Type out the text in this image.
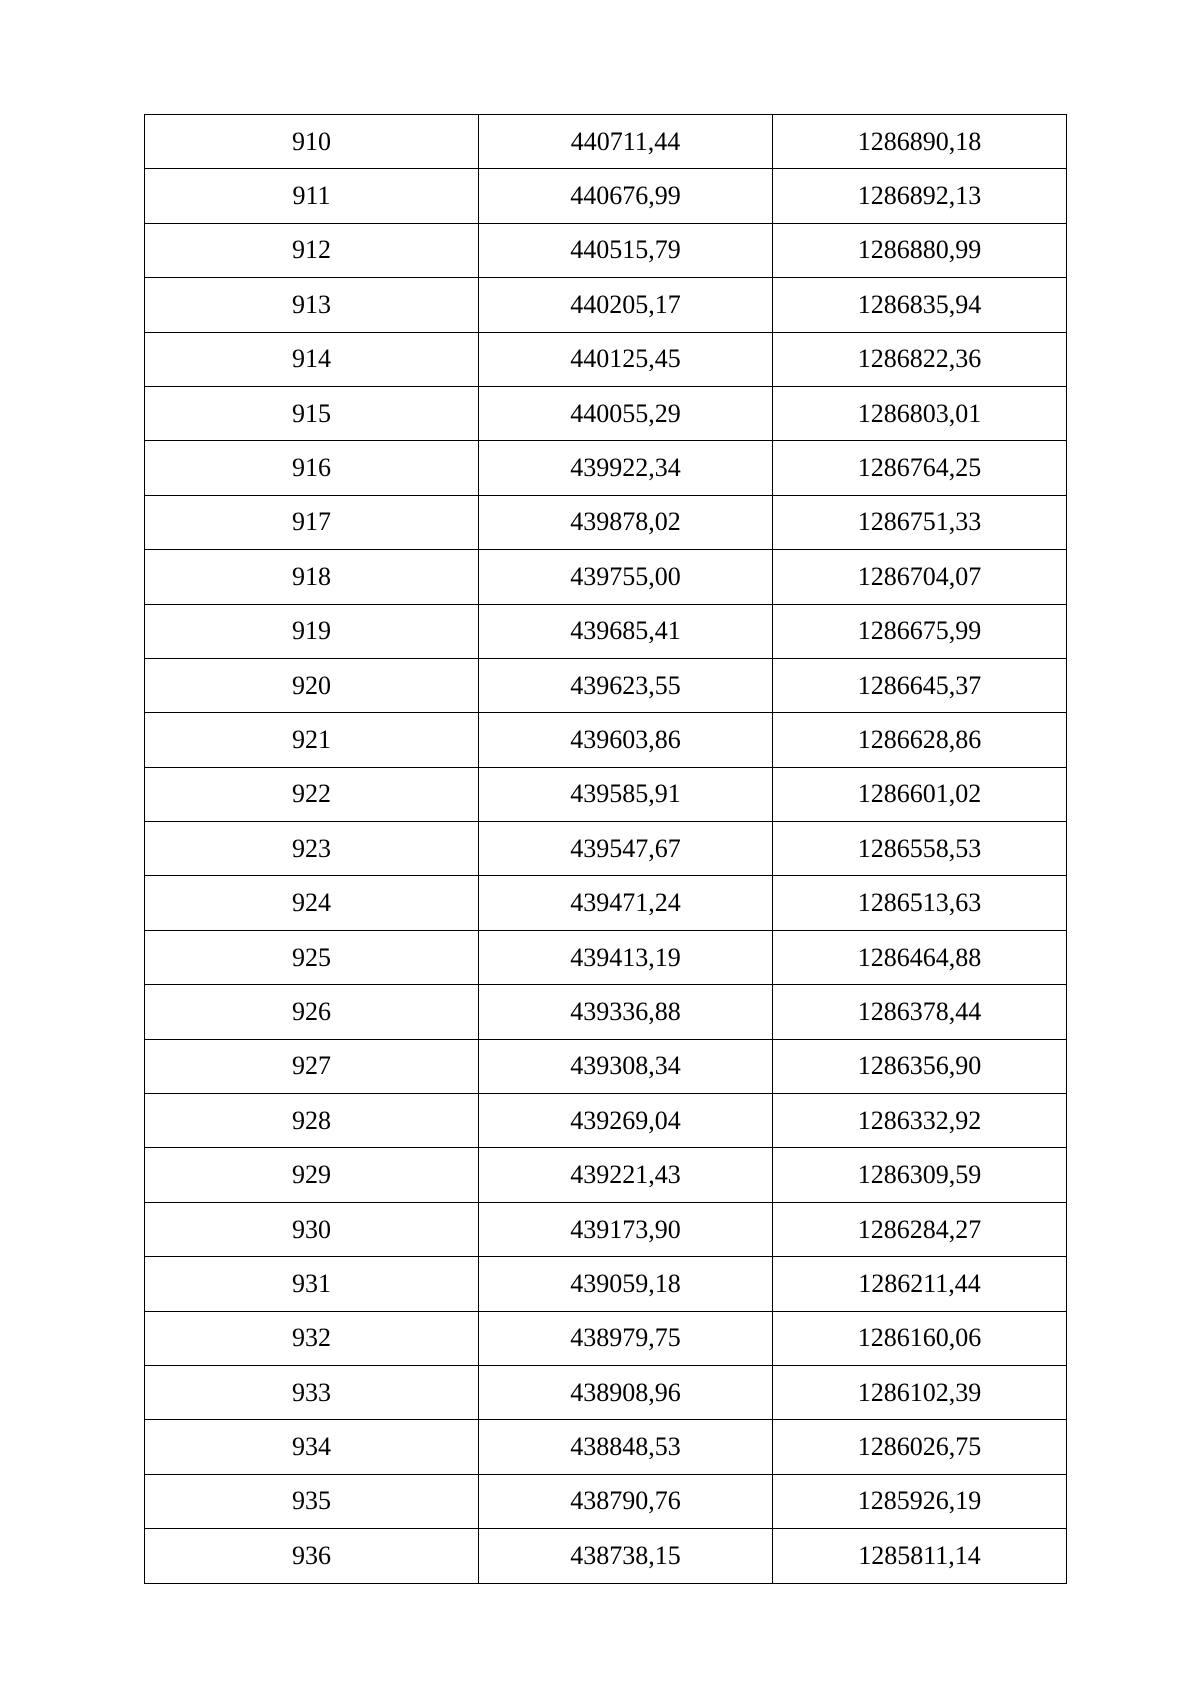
910	440711,44	1286890,18
911	440676,99	1286892,13
912	440515,79	1286880,99
913	440205,17	1286835,94
914	440125,45	1286822,36
915	440055,29	1286803,01
916	439922,34	1286764,25
917	439878,02	1286751,33
918	439755,00	1286704,07
919	439685,41	1286675,99
920	439623,55	1286645,37
921	439603,86	1286628,86
922	439585,91	1286601,02
923	439547,67	1286558,53
924	439471,24	1286513,63
925	439413,19	1286464,88
926	439336,88	1286378,44
927	439308,34	1286356,90
928	439269,04	1286332,92
929	439221,43	1286309,59
930	439173,90	1286284,27
931	439059,18	1286211,44
932	438979,75	1286160,06
933	438908,96	1286102,39
934	438848,53	1286026,75
935	438790,76	1285926,19
936	438738,15	1285811,14
